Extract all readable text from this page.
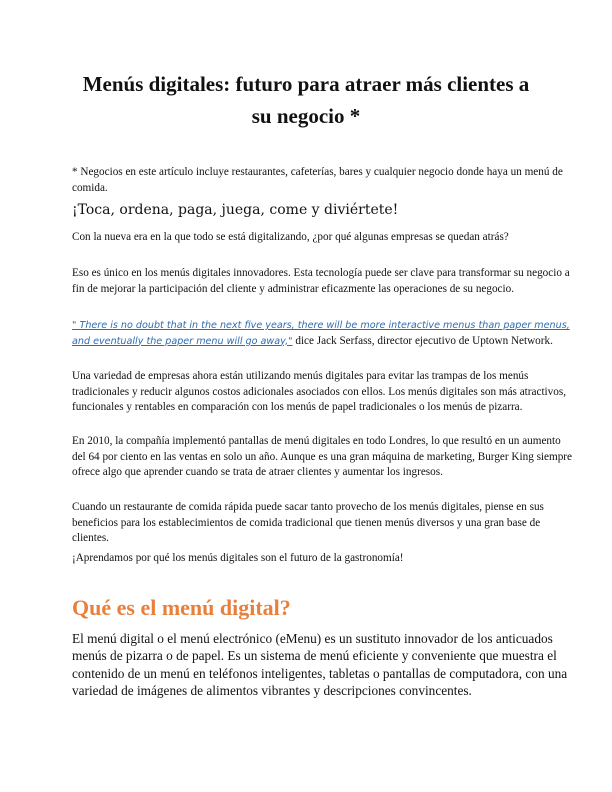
Menús digitales: futuro para atraer más clientes a su negocio *

* Negocios en este artículo incluye restaurantes, cafeterías, bares y cualquier negocio donde haya un menú de comida.

¡Toca, ordena, paga, juega, come y diviértete!

Con la nueva era en la que todo se está digitalizando, ¿por qué algunas empresas se quedan atrás?

Eso es único en los menús digitales innovadores. Esta tecnología puede ser clave para transformar su negocio a fin de mejorar la participación del cliente y administrar eficazmente las operaciones de su negocio.

" There is no doubt that in the next five years, there will be more interactive menus than paper menus, and eventually the paper menu will go away," dice Jack Serfass, director ejecutivo de Uptown Network.

Una variedad de empresas ahora están utilizando menús digitales para evitar las trampas de los menús tradicionales y reducir algunos costos adicionales asociados con ellos. Los menús digitales son más atractivos, funcionales y rentables en comparación con los menús de papel tradicionales o los menús de pizarra.

En 2010, la compañía implementó pantallas de menú digitales en todo Londres, lo que resultó en un aumento del 64 por ciento en las ventas en solo un año. Aunque es una gran máquina de marketing, Burger King siempre ofrece algo que aprender cuando se trata de atraer clientes y aumentar los ingresos.

Cuando un restaurante de comida rápida puede sacar tanto provecho de los menús digitales, piense en sus beneficios para los establecimientos de comida tradicional que tienen menús diversos y una gran base de clientes.

¡Aprendamos por qué los menús digitales son el futuro de la gastronomía!

Qué es el menú digital?

El menú digital o el menú electrónico (eMenu) es un sustituto innovador de los anticuados menús de pizarra o de papel. Es un sistema de menú eficiente y conveniente que muestra el contenido de un menú en teléfonos inteligentes, tabletas o pantallas de computadora, con una variedad de imágenes de alimentos vibrantes y descripciones convincentes.
